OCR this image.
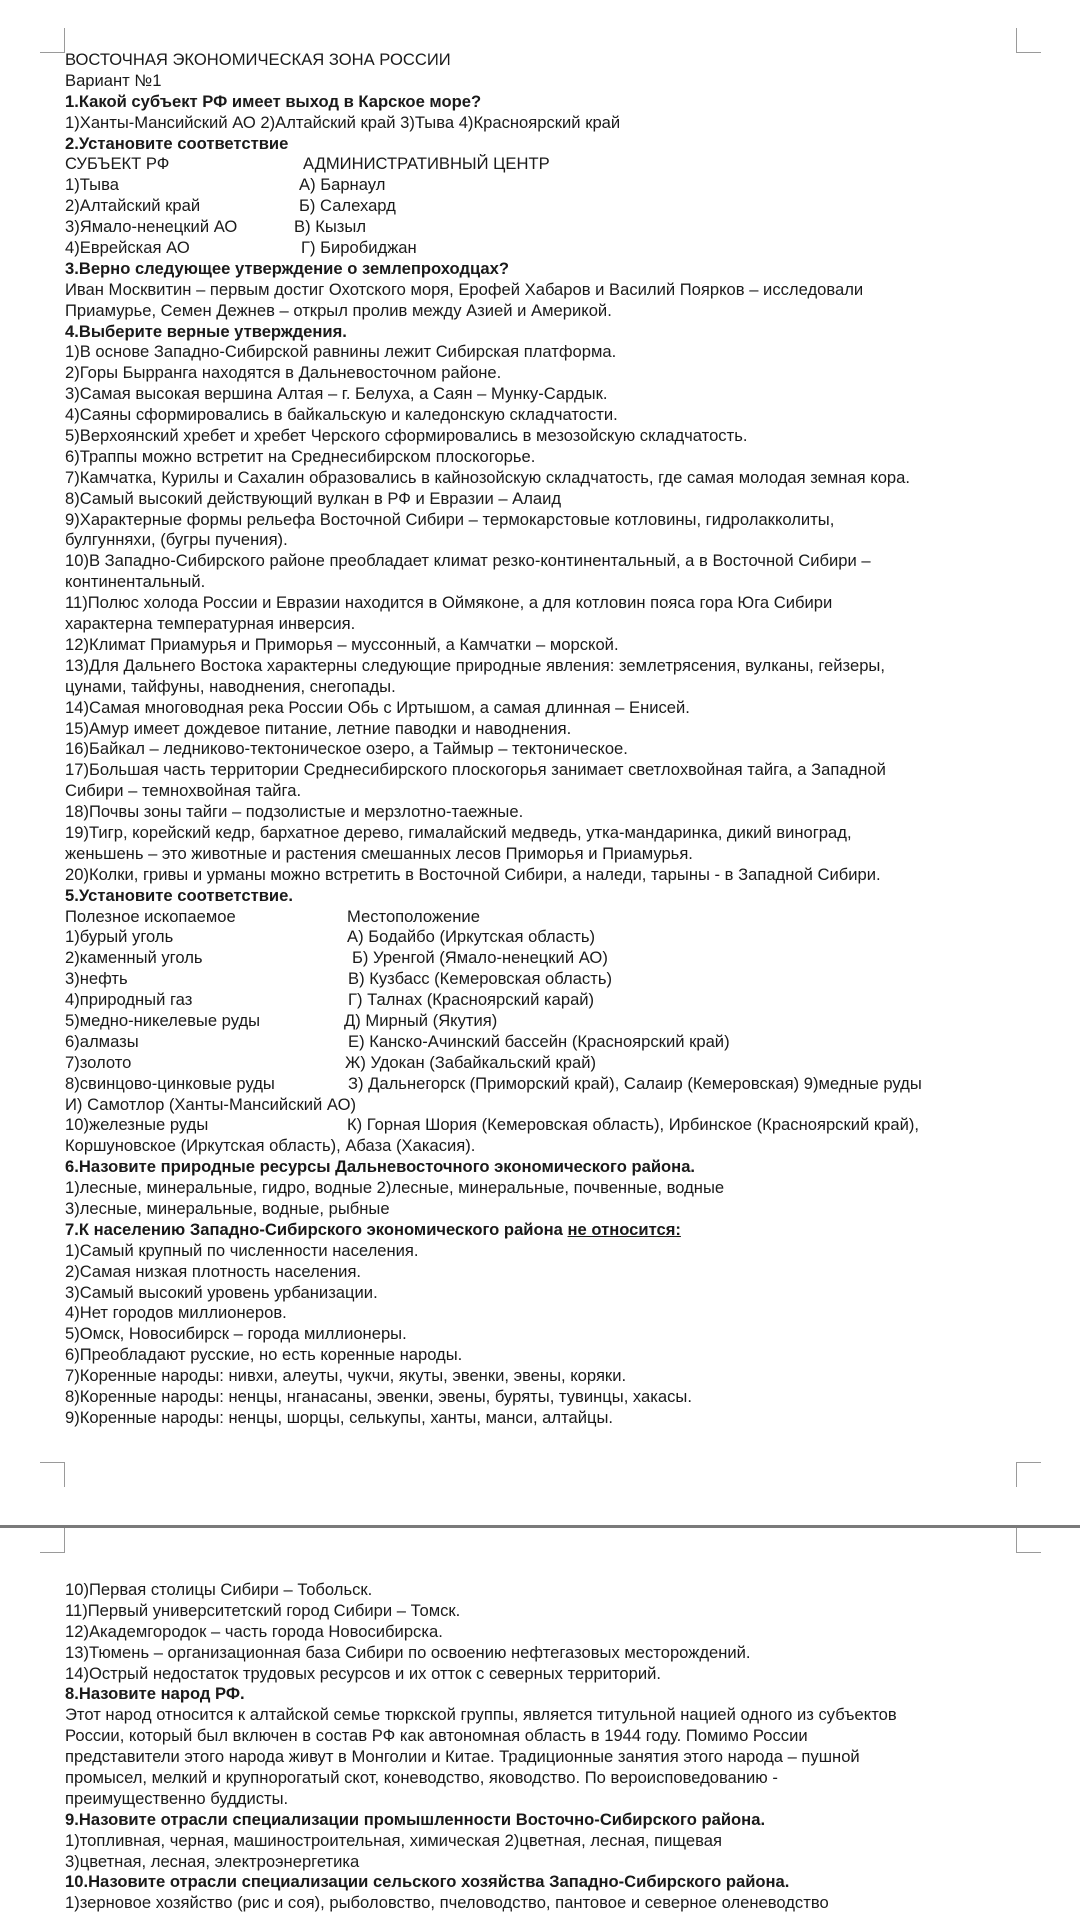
ВОСТОЧНАЯ ЭКОНОМИЧЕСКАЯ ЗОНА РОССИИ
Вариант №1
1.Какой субъект РФ имеет выход в Карское море?
1)Ханты-Мансийский АО 2)Алтайский край 3)Тыва 4)Красноярский край
2.Установите соответствие
СУБЪЕКТ РФ	АДМИНИСТРАТИВНЫЙ ЦЕНТР
1)Тыва	А) Барнаул
2)Алтайский край	Б) Салехард
3)Ямало-ненецкий АО	В) Кызыл
4)Еврейская АО	Г) Биробиджан
3.Верно следующее утверждение о землепроходцах?
Иван Москвитин – первым достиг Охотского моря, Ерофей Хабаров и Василий Поярков – исследовали
Приамурье, Семен Дежнев – открыл пролив между Азией и Америкой.
4.Выберите верные утверждения.
1)В основе Западно-Сибирской равнины лежит Сибирская платформа.
2)Горы Бырранга находятся в Дальневосточном районе.
3)Самая высокая вершина Алтая – г. Белуха, а Саян – Мунку-Сардык.
4)Саяны сформировались в байкальскую и каледонскую складчатости.
5)Верхоянский хребет и хребет Черского сформировались в мезозойскую складчатость.
6)Траппы можно встретит на Среднесибирском плоскогорье.
7)Камчатка, Курилы и Сахалин образовались в кайнозойскую складчатость, где самая молодая земная кора.
8)Самый высокий действующий вулкан в РФ и Евразии – Алаид
9)Характерные формы рельефа Восточной Сибири – термокарстовые котловины, гидролакколиты,
булгунняхи, (бугры пучения).
10)В Западно-Сибирского районе преобладает климат резко-континентальный, а в Восточной Сибири –
континентальный.
11)Полюс холода России и Евразии находится в Оймяконе, а для котловин пояса гора Юга Сибири
характерна температурная инверсия.
12)Климат Приамурья и Приморья – муссонный, а Камчатки – морской.
13)Для Дальнего Востока характерны следующие природные явления: землетрясения, вулканы, гейзеры,
цунами, тайфуны, наводнения, снегопады.
14)Самая многоводная река России Обь с Иртышом, а самая длинная – Енисей.
15)Амур имеет дождевое питание, летние паводки и наводнения.
16)Байкал – ледниково-тектоническое озеро, а Таймыр – тектоническое.
17)Большая часть территории Среднесибирского плоскогорья занимает светлохвойная тайга, а Западной
Сибири – темнохвойная тайга.
18)Почвы зоны тайги – подзолистые и мерзлотно-таежные.
19)Тигр, корейский кедр, бархатное дерево, гималайский медведь, утка-мандаринка, дикий виноград,
женьшень – это животные и растения смешанных лесов Приморья и Приамурья.
20)Колки, гривы и урманы можно встретить в Восточной Сибири, а наледи, тарыны - в Западной Сибири.
5.Установите соответствие.
Полезное ископаемое	Местоположение
1)бурый уголь	А) Бодайбо (Иркутская область)
2)каменный уголь	Б) Уренгой (Ямало-ненецкий АО)
3)нефть	В) Кузбасс (Кемеровская область)
4)природный газ	Г) Талнах (Красноярский карай)
5)медно-никелевые руды	Д) Мирный (Якутия)
6)алмазы	Е) Канско-Ачинский бассейн (Красноярский край)
7)золото	Ж) Удокан (Забайкальский край)
8)свинцово-цинковые руды	З) Дальнегорск (Приморский край), Салаир (Кемеровская) 9)медные руды
И) Самотлор (Ханты-Мансийский АО)
10)железные руды	К) Горная Шория (Кемеровская область), Ирбинское (Красноярский край),
Коршуновское (Иркутская область), Абаза (Хакасия).
6.Назовите природные ресурсы Дальневосточного экономического района.
1)лесные, минеральные, гидро, водные 2)лесные, минеральные, почвенные, водные
3)лесные, минеральные, водные, рыбные
7.К населению Западно-Сибирского экономического района не относится:
1)Самый крупный по численности населения.
2)Самая низкая плотность населения.
3)Самый высокий уровень урбанизации.
4)Нет городов миллионеров.
5)Омск, Новосибирск – города миллионеры.
6)Преобладают русские, но есть коренные народы.
7)Коренные народы: нивхи, алеуты, чукчи, якуты, эвенки, эвены, коряки.
8)Коренные народы: ненцы, нганасаны, эвенки, эвены, буряты, тувинцы, хакасы.
9)Коренные народы: ненцы, шорцы, селькупы, ханты, манси, алтайцы.
10)Первая столицы Сибири – Тобольск.
11)Первый университетский город Сибири – Томск.
12)Академгородок – часть города Новосибирска.
13)Тюмень – организационная база Сибири по освоению нефтегазовых месторождений.
14)Острый недостаток трудовых ресурсов и их отток с северных территорий.
8.Назовите народ РФ.
Этот народ относится к алтайской семье тюркской группы, является титульной нацией одного из субъектов
России, который был включен в состав РФ как автономная область в 1944 году. Помимо России
представители этого народа живут в Монголии и Китае. Традиционные занятия этого народа – пушной
промысел, мелкий и крупнорогатый скот, коневодство, яководство. По вероисповедованию -
преимущественно буддисты.
9.Назовите отрасли специализации промышленности Восточно-Сибирского района.
1)топливная, черная, машиностроительная, химическая 2)цветная, лесная, пищевая
3)цветная, лесная, электроэнергетика
10.Назовите отрасли специализации сельского хозяйства Западно-Сибирского района.
1)зерновое хозяйство (рис и соя), рыболовство, пчеловодство, пантовое и северное оленеводство
